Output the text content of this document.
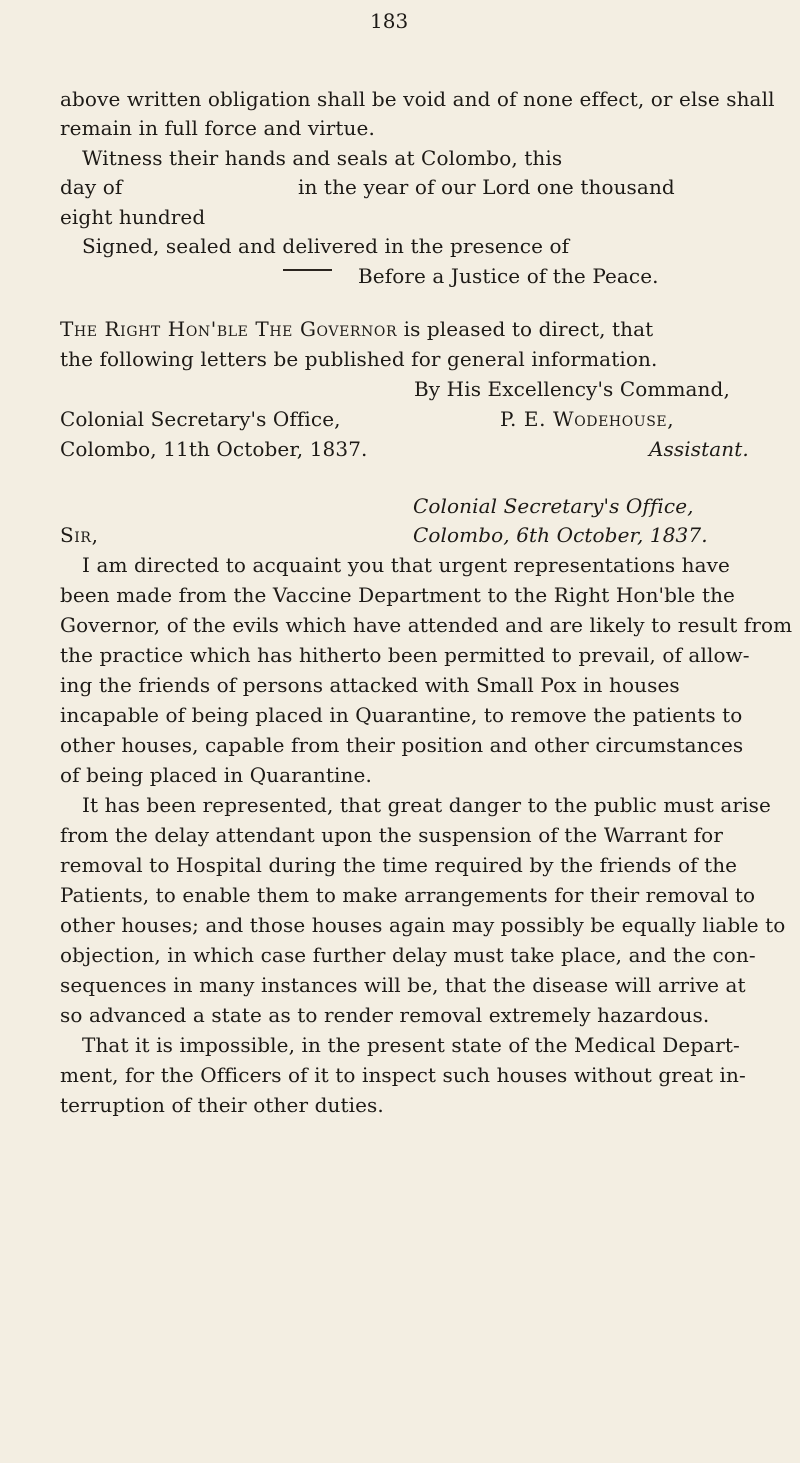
183
above written obligation shall be void and of none effect, or else shall
remain in full force and virtue.
Witness their hands and seals at Colombo, this
day of	in the year of our Lord one thousand
eight hundred
Signed, sealed and delivered in the presence of
Before a Justice of the Peace.
The Right Hon'ble The Governor is pleased to direct, that
the following letters be published for general information.
By His Excellency's Command,
Colonial Secretary's Office,	P. E. Wodehouse,
Colombo, 11th October, 1837.	Assistant.
Colonial Secretary's Office,
Sir,	Colombo, 6th October, 1837.
I am directed to acquaint you that urgent representations have
been made from the Vaccine Department to the Right Hon'ble the
Governor, of the evils which have attended and are likely to result from
the practice which has hitherto been permitted to prevail, of allow-
ing the friends of persons attacked with Small Pox in houses
incapable of being placed in Quarantine, to remove the patients to
other houses, capable from their position and other circumstances
of being placed in Quarantine.
It has been represented, that great danger to the public must arise
from the delay attendant upon the suspension of the Warrant for
removal to Hospital during the time required by the friends of the
Patients, to enable them to make arrangements for their removal to
other houses; and those houses again may possibly be equally liable to
objection, in which case further delay must take place, and the con-
sequences in many instances will be, that the disease will arrive at
so advanced a state as to render removal extremely hazardous.
That it is impossible, in the present state of the Medical Depart-
ment, for the Officers of it to inspect such houses without great in-
terruption of their other duties.
